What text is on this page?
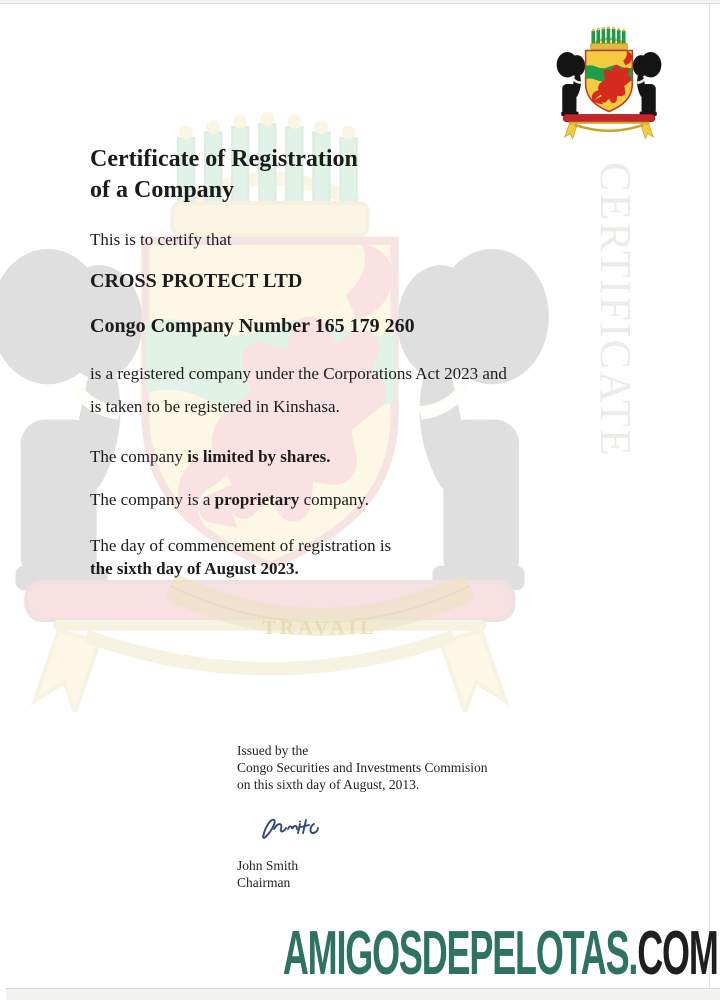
TRAVAIL
CERTIFICATE
Certificate of Registration
of a Company
This is to certify that
CROSS PROTECT LTD
Congo Company Number 165 179 260
is a registered company under the Corporations Act 2023 and
is taken to be registered in Kinshasa.
The company is limited by shares.
The company is a proprietary company.
The day of commencement of registration is
the sixth day of August 2023.
Issued by the
Congo Securities and Investments Commision
on this sixth day of August, 2013.
John Smith
Chairman
AMIGOSDEPELOTAS.COM
